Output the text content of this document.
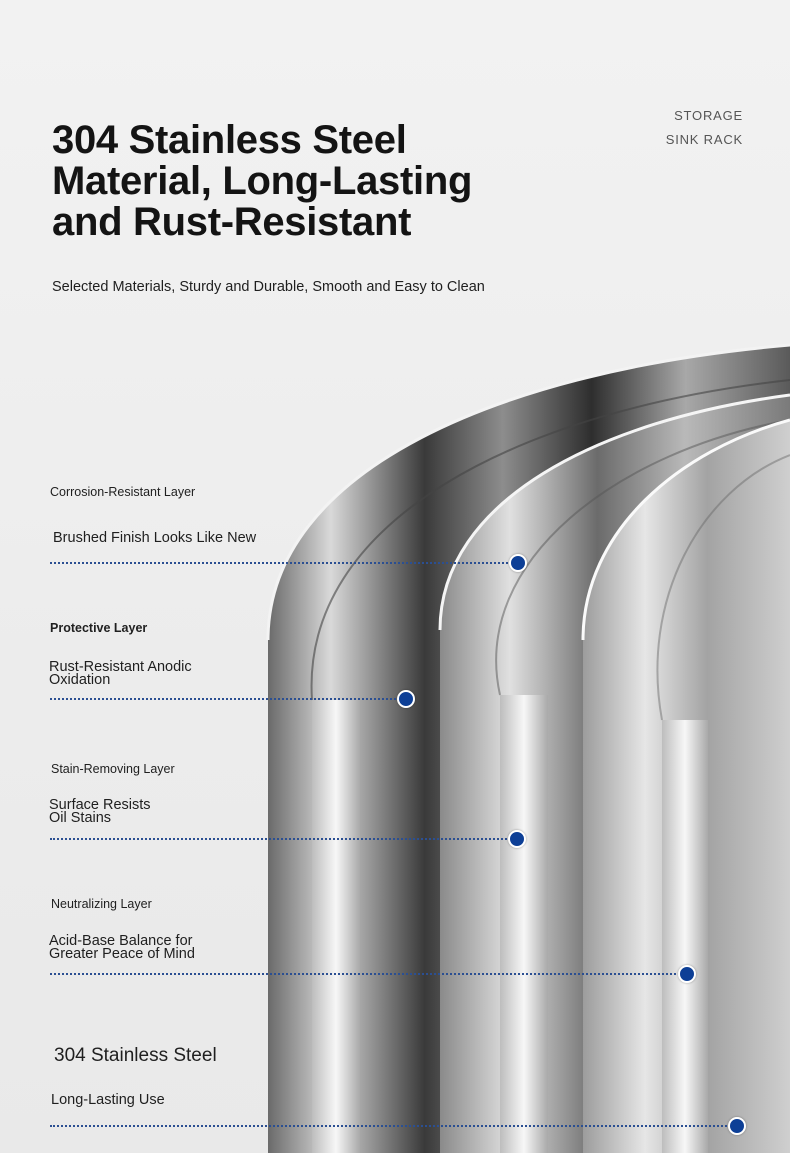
STORAGE
SINK RACK
304 Stainless Steel
Material, Long-Lasting
and Rust-Resistant
Selected Materials, Sturdy and Durable, Smooth and Easy to Clean
Corrosion-Resistant Layer
Brushed Finish Looks Like New
Protective Layer
Rust-Resistant Anodic
Oxidation
Stain-Removing Layer
Surface Resists
Oil Stains
Neutralizing Layer
Acid-Base Balance for
Greater Peace of Mind
304 Stainless Steel
Long-Lasting Use
